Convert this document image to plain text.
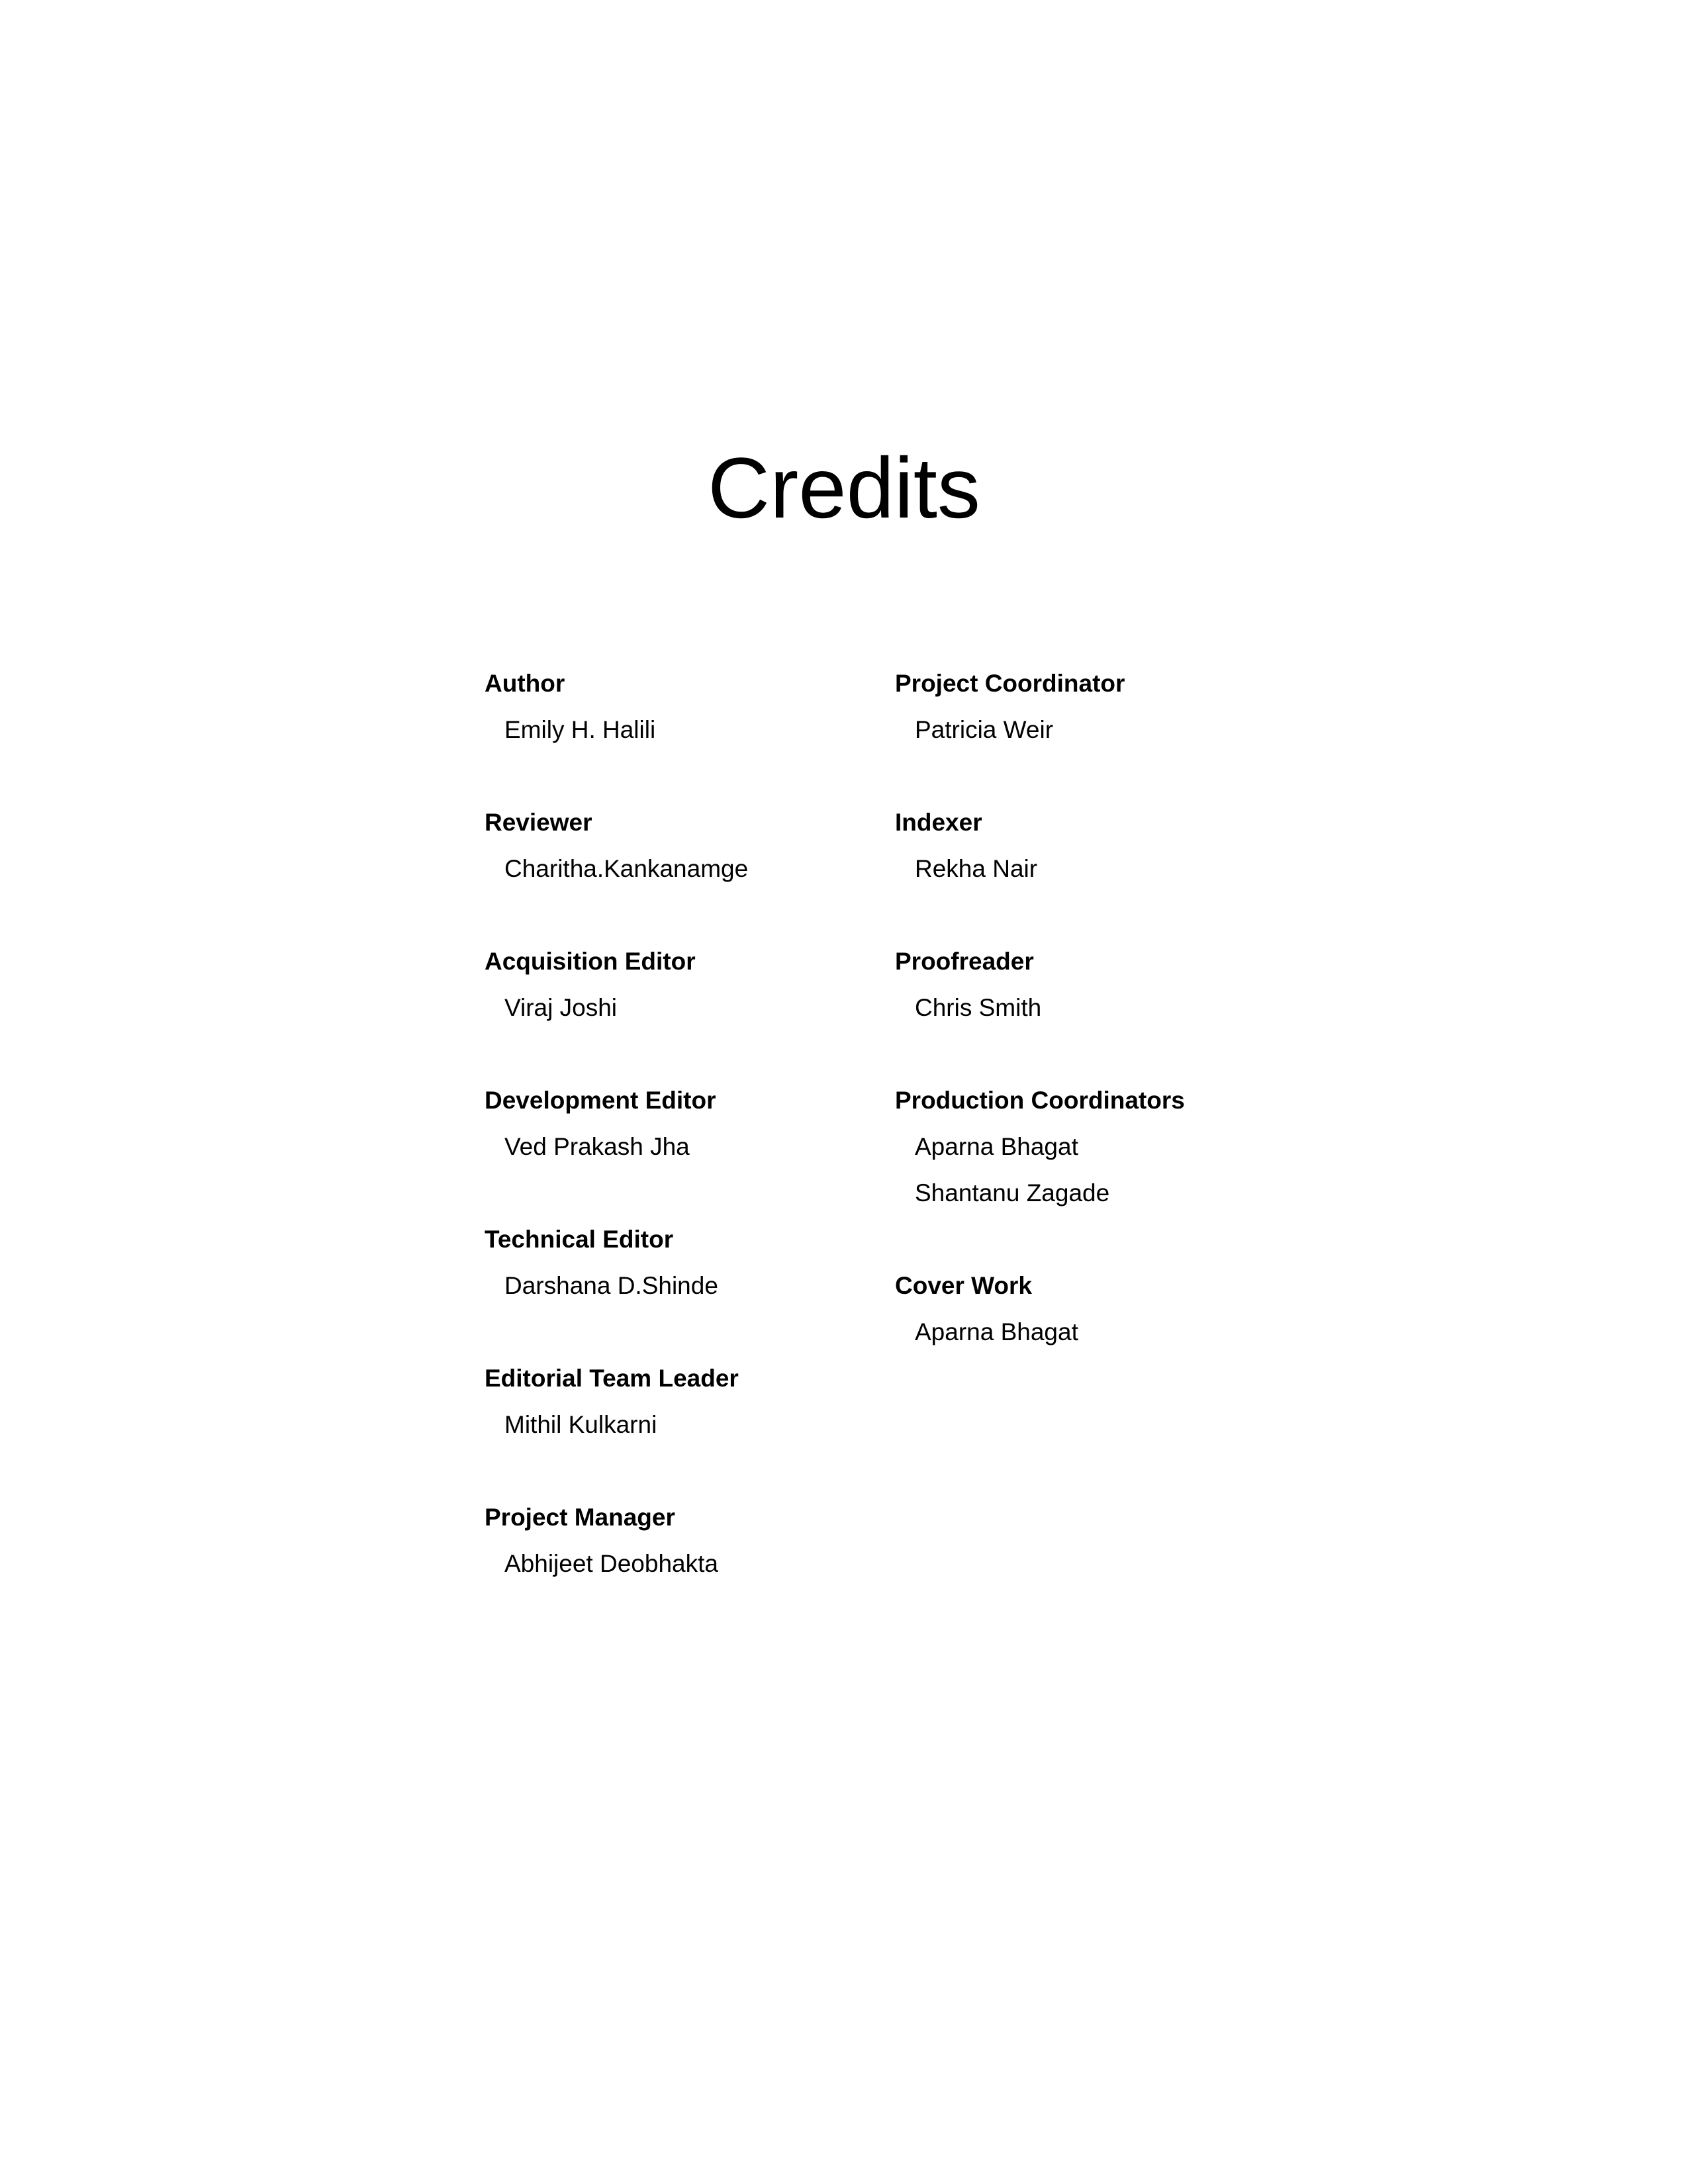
Credits
Author
Emily H. Halili
Reviewer
Charitha.Kankanamge
Acquisition Editor
Viraj Joshi
Development Editor
Ved Prakash Jha
Technical Editor
Darshana D.Shinde
Editorial Team Leader
Mithil Kulkarni
Project Manager
Abhijeet Deobhakta
Project Coordinator
Patricia Weir
Indexer
Rekha Nair
Proofreader
Chris Smith
Production Coordinators
Aparna Bhagat
Shantanu Zagade
Cover Work
Aparna Bhagat
